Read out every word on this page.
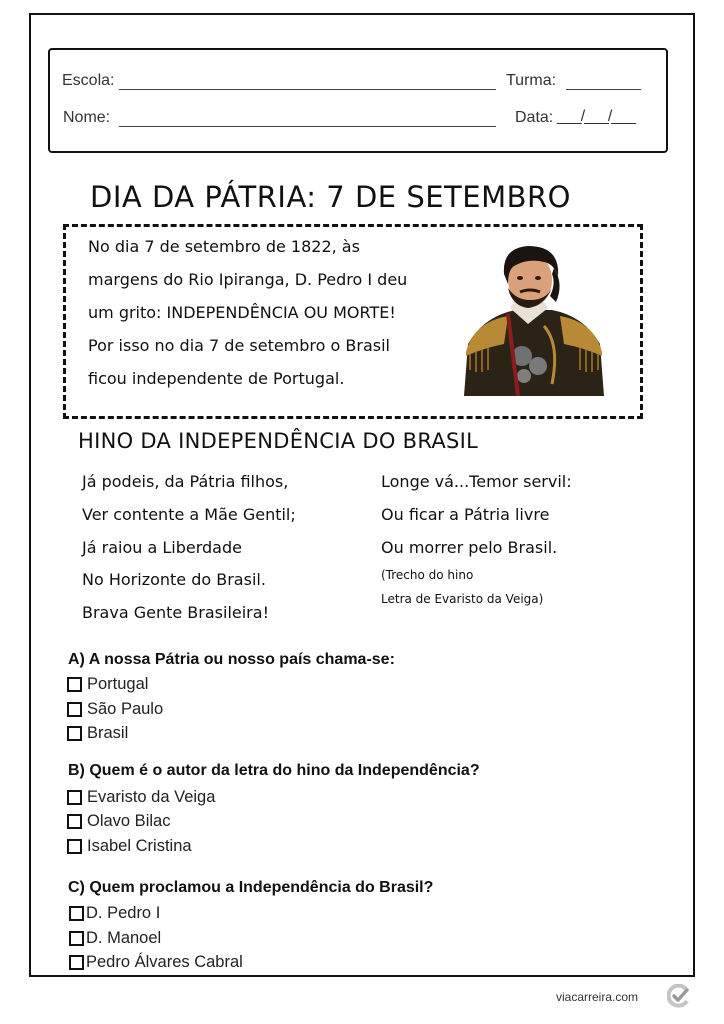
Escola:	Turma:
Nome:	Data: ___/___/___
DIA DA PÁTRIA: 7 DE SETEMBRO
No dia 7 de setembro de 1822, às
margens do Rio Ipiranga, D. Pedro I deu
um grito: INDEPENDÊNCIA OU MORTE!
Por isso no dia 7 de setembro o Brasil
ficou independente de Portugal.
HINO DA INDEPENDÊNCIA DO BRASIL
Já podeis, da Pátria filhos,
Ver contente a Mãe Gentil;
Já raiou a Liberdade
No Horizonte do Brasil.
Brava Gente Brasileira!
Longe vá...Temor servil:
Ou ficar a Pátria livre
Ou morrer pelo Brasil.
(Trecho do hino
Letra de Evaristo da Veiga)
A) A nossa Pátria ou nosso país chama-se:
Portugal
São Paulo
Brasil
B) Quem é o autor da letra do hino da Independência?
Evaristo da Veiga
Olavo Bilac
Isabel Cristina
C) Quem proclamou a Independência do Brasil?
D. Pedro I
D. Manoel
Pedro Álvares Cabral
viacarreira.com
